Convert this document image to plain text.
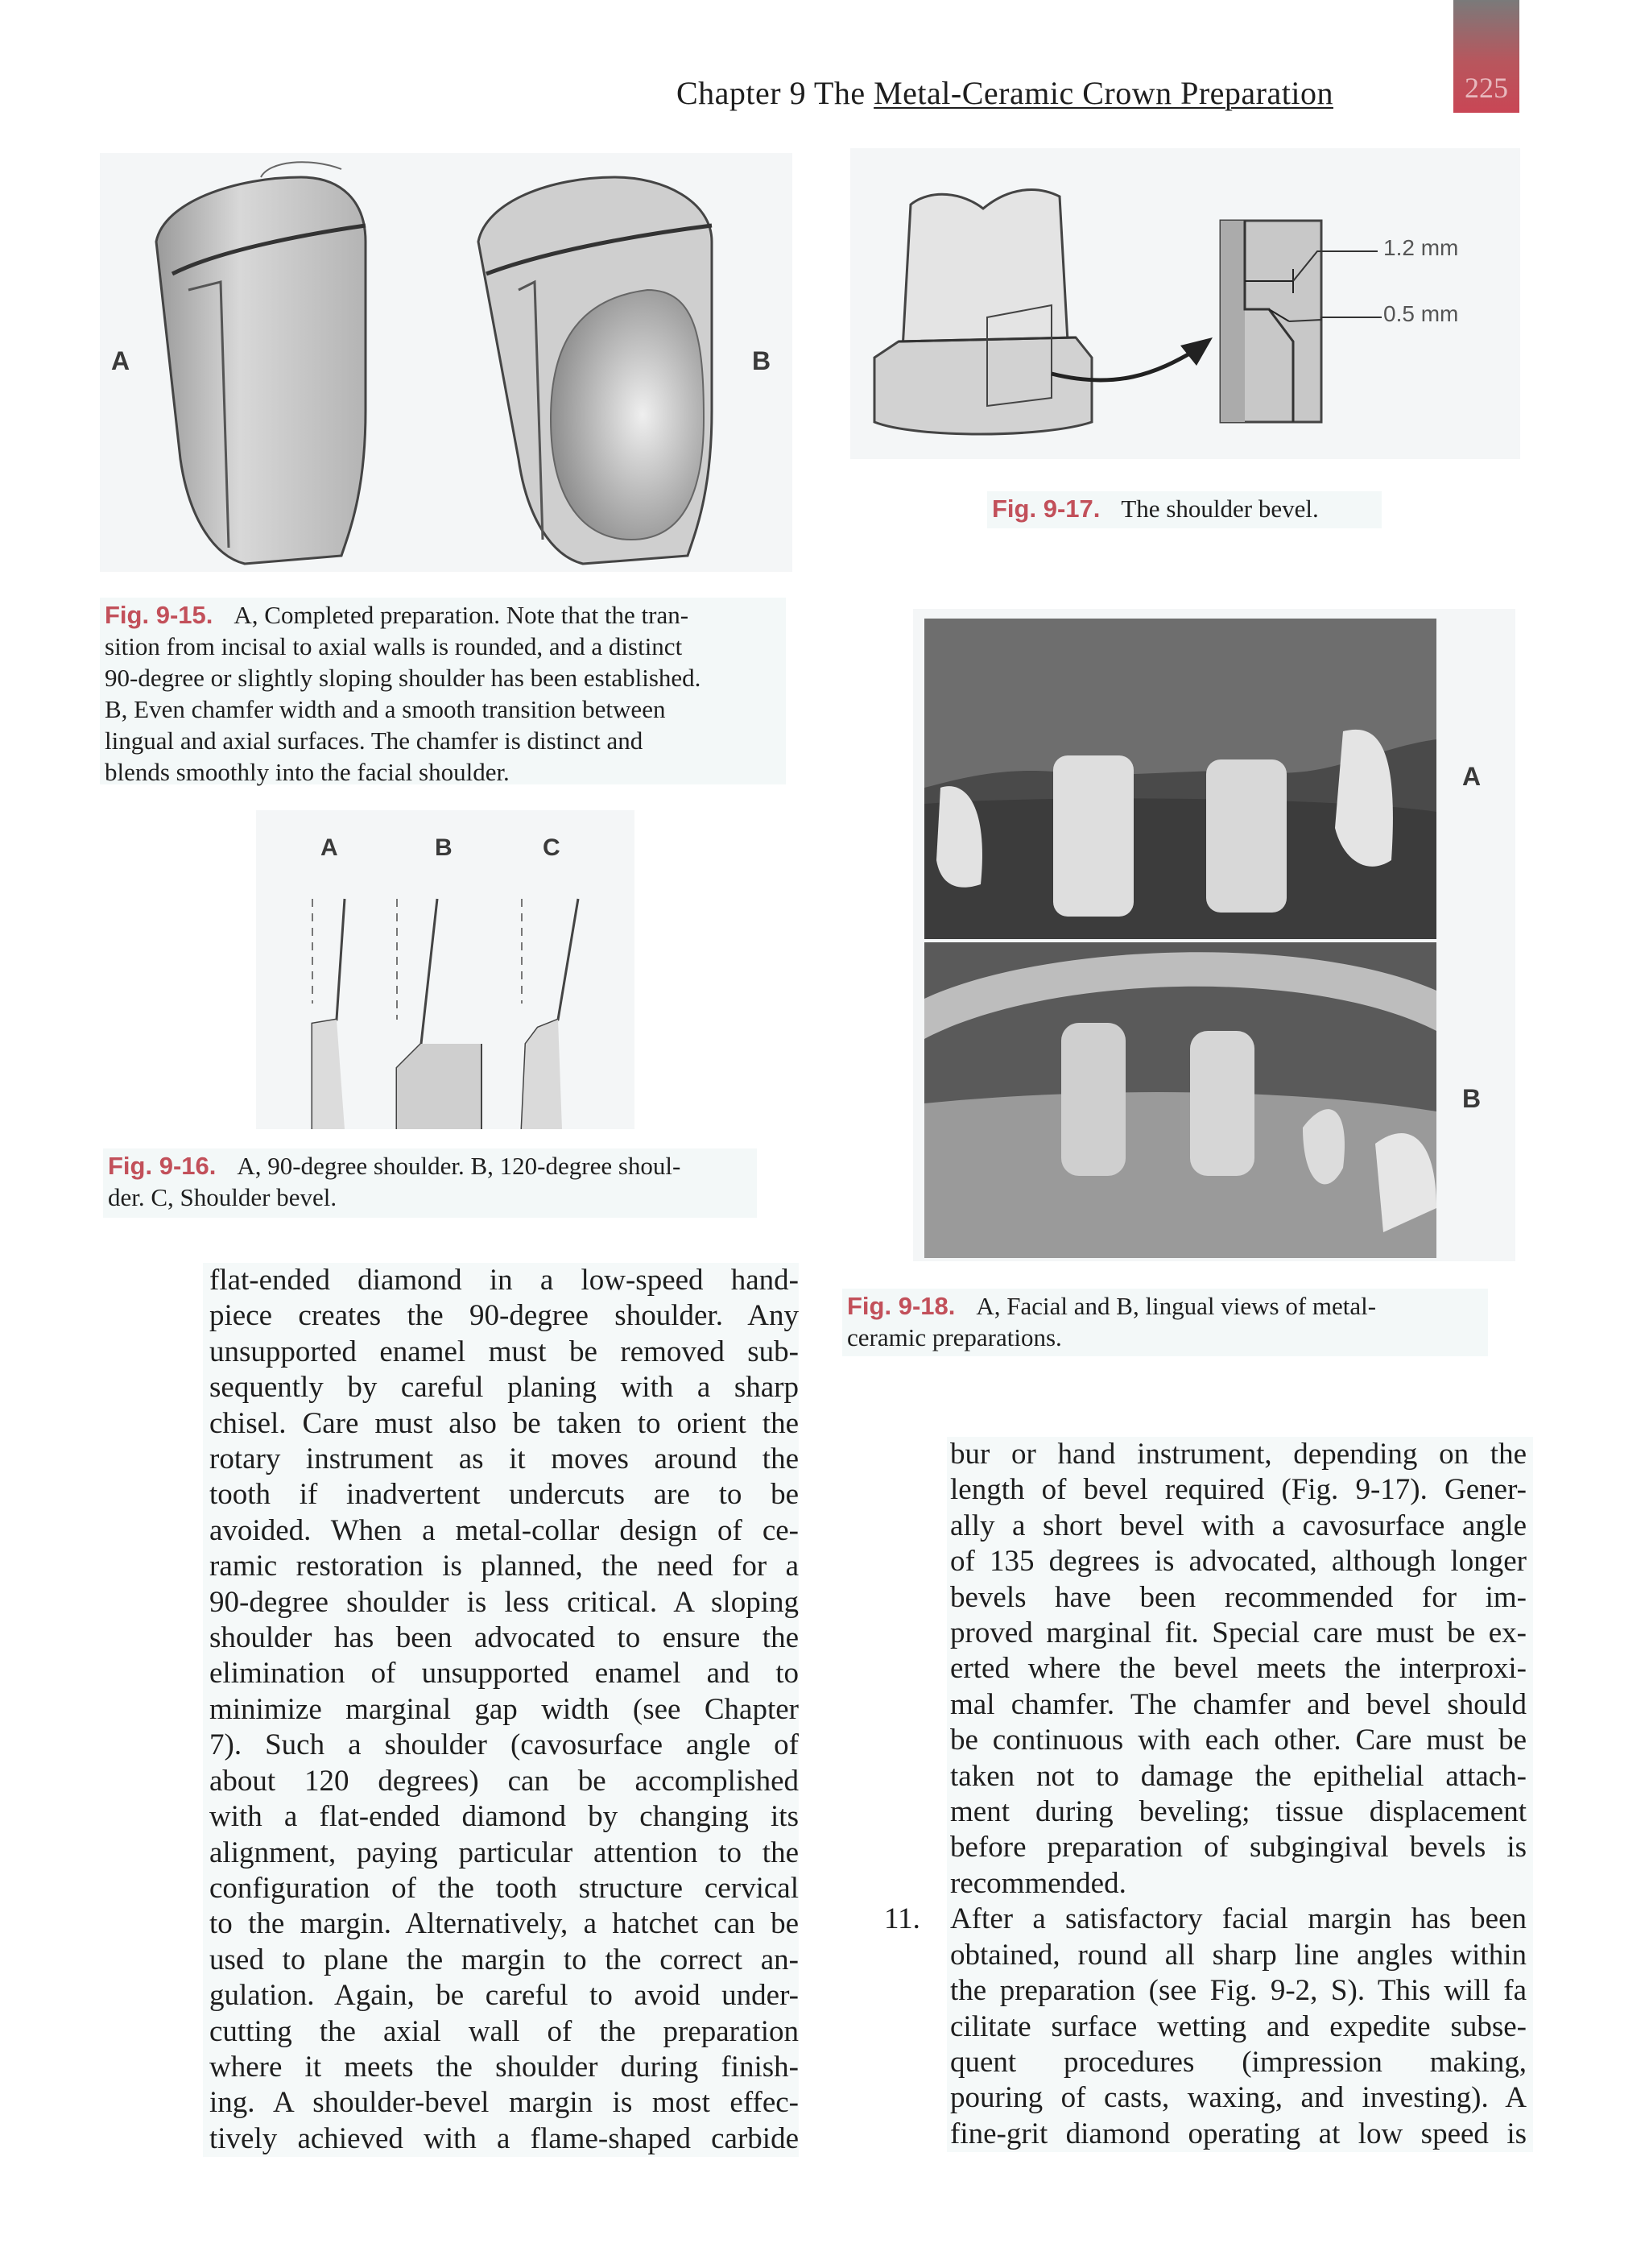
Chapter 9 The Metal-Ceramic Crown Preparation	225
A	B
Fig. 9-15. A, Completed preparation. Note that the tran-
sition from incisal to axial walls is rounded, and a distinct
90-degree or slightly sloping shoulder has been established.
B, Even chamfer width and a smooth transition between
lingual and axial surfaces. The chamfer is distinct and
blends smoothly into the facial shoulder.
A	B	C
Fig. 9-16. A, 90-degree shoulder. B, 120-degree shoul-
der. C, Shoulder bevel.
1.2 mm
0.5 mm
Fig. 9-17. The shoulder bevel.
A
B
Fig. 9-18. A, Facial and B, lingual views of metal-
ceramic preparations.
flat-ended diamond in a low-speed hand-
piece creates the 90-degree shoulder. Any
unsupported enamel must be removed sub-
sequently by careful planing with a sharp
chisel. Care must also be taken to orient the
rotary instrument as it moves around the
tooth if inadvertent undercuts are to be
avoided. When a metal-collar design of ce-
ramic restoration is planned, the need for a
90-degree shoulder is less critical. A sloping
shoulder has been advocated to ensure the
elimination of unsupported enamel and to
minimize marginal gap width (see Chapter
7). Such a shoulder (cavosurface angle of
about 120 degrees) can be accomplished
with a flat-ended diamond by changing its
alignment, paying particular attention to the
configuration of the tooth structure cervical
to the margin. Alternatively, a hatchet can be
used to plane the margin to the correct an-
gulation. Again, be careful to avoid under-
cutting the axial wall of the preparation
where it meets the shoulder during finish-
ing. A shoulder-bevel margin is most effec-
tively achieved with a flame-shaped carbide
bur or hand instrument, depending on the
length of bevel required (Fig. 9-17). Gener-
ally a short bevel with a cavosurface angle
of 135 degrees is advocated, although longer
bevels have been recommended for im-
proved marginal fit. Special care must be ex-
erted where the bevel meets the interproxi-
mal chamfer. The chamfer and bevel should
be continuous with each other. Care must be
taken not to damage the epithelial attach-
ment during beveling; tissue displacement
before preparation of subgingival bevels is
recommended.
After a satisfactory facial margin has been
obtained, round all sharp line angles within
the preparation (see Fig. 9-2, S). This will fa
cilitate surface wetting and expedite subse-
quent procedures (impression making,
pouring of casts, waxing, and investing). A
fine-grit diamond operating at low speed is
11.
